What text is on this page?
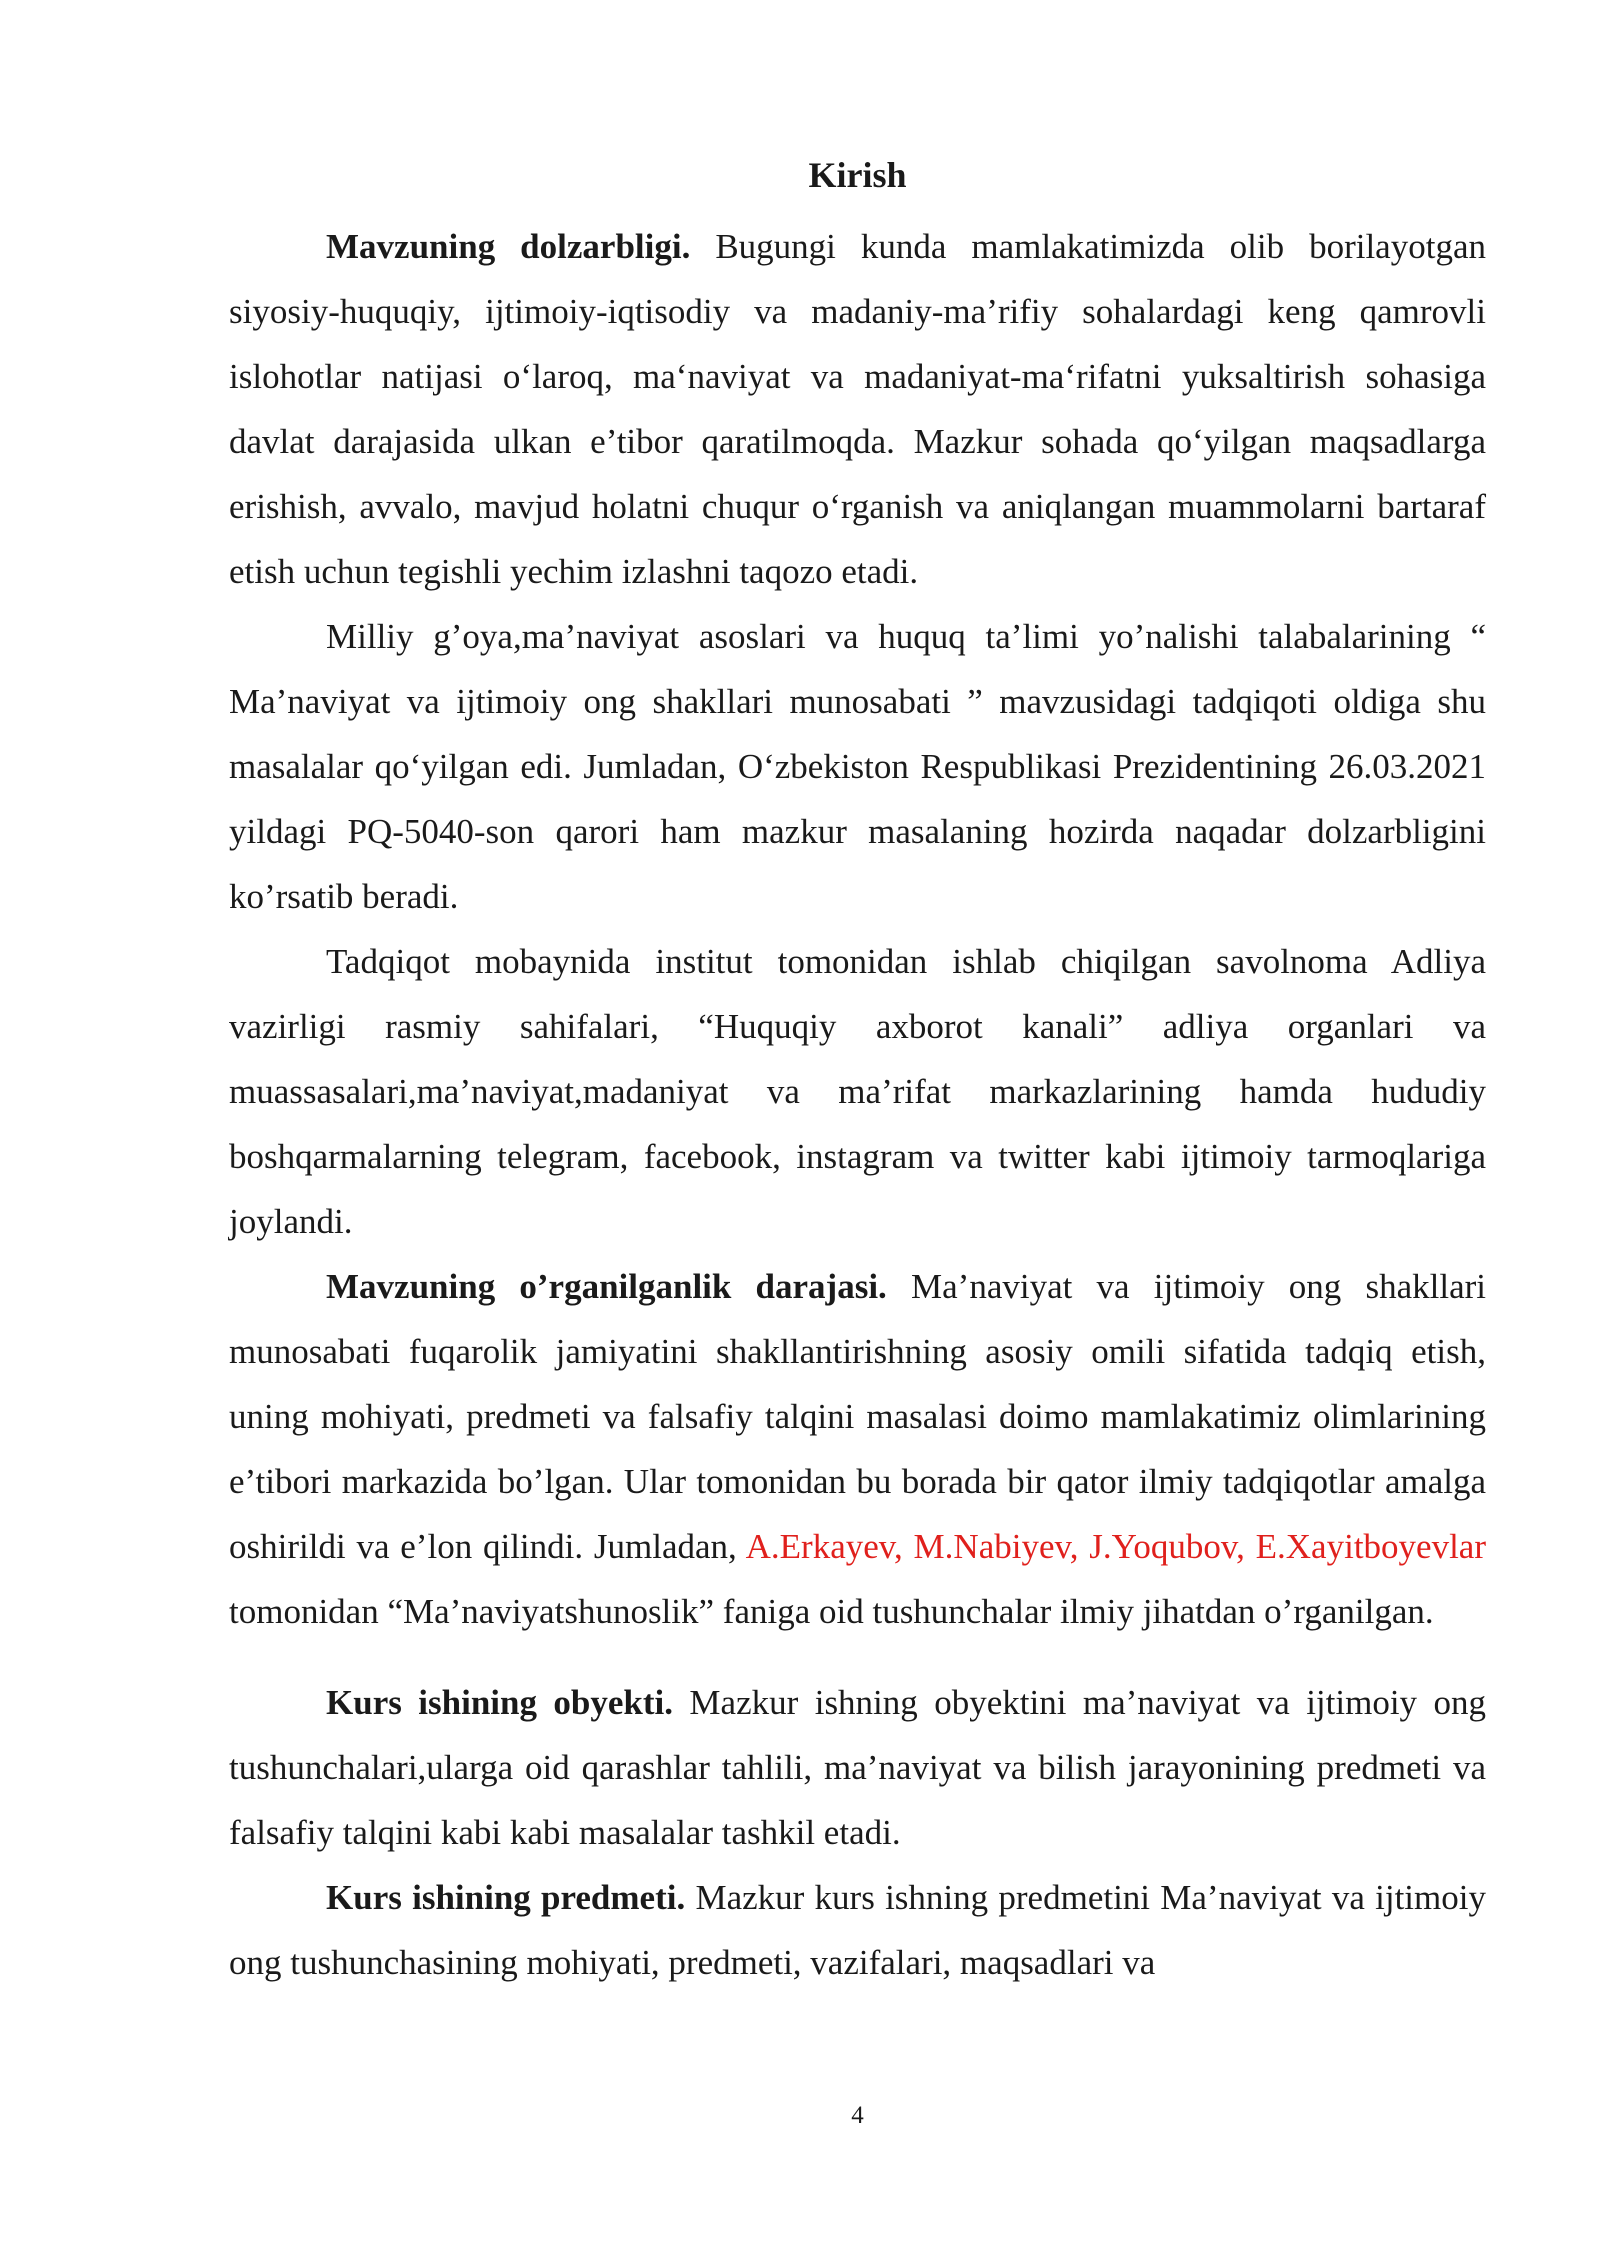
Kirish

Mavzuning dolzarbligi. Bugungi kunda mamlakatimizda olib borilayotgan siyosiy-huquqiy, ijtimoiy-iqtisodiy va madaniy-ma’rifiy sohalardagi keng qamrovli islohotlar natijasi o‘laroq, ma‘naviyat va madaniyat-ma‘rifatni yuksaltirish sohasiga davlat darajasida ulkan e’tibor qaratilmoqda. Mazkur sohada qo‘yilgan maqsadlarga erishish, avvalo, mavjud holatni chuqur o‘rganish va aniqlangan muammolarni bartaraf etish uchun tegishli yechim izlashni taqozo etadi.

Milliy g’oya,ma’naviyat asoslari va huquq ta’limi yo’nalishi talabalarining “ Ma’naviyat va ijtimoiy ong shakllari munosabati ” mavzusidagi tadqiqoti oldiga shu masalalar qo‘yilgan edi. Jumladan, O‘zbekiston Respublikasi Prezidentining 26.03.2021 yildagi PQ-5040-son qarori ham mazkur masalaning hozirda naqadar dolzarbligini ko’rsatib beradi.

Tadqiqot mobaynida institut tomonidan ishlab chiqilgan savolnoma Adliya vazirligi rasmiy sahifalari, “Huquqiy axborot kanali” adliya organlari va muassasalari,ma’naviyat,madaniyat va ma’rifat markazlarining hamda hududiy boshqarmalarning telegram, facebook, instagram va twitter kabi ijtimoiy tarmoqlariga joylandi.

Mavzuning o’rganilganlik darajasi. Ma’naviyat va ijtimoiy ong shakllari munosabati fuqarolik jamiyatini shakllantirishning asosiy omili sifatida tadqiq etish, uning mohiyati, predmeti va falsafiy talqini masalasi doimo mamlakatimiz olimlarining e’tibori markazida bo’lgan. Ular tomonidan bu borada bir qator ilmiy tadqiqotlar amalga oshirildi va e’lon qilindi. Jumladan, A.Erkayev, M.Nabiyev, J.Yoqubov, E.Xayitboyevlar tomonidan “Ma’naviyatshunoslik” faniga oid tushunchalar ilmiy jihatdan o’rganilgan.

Kurs ishining obyekti. Mazkur ishning obyektini ma’naviyat va ijtimoiy ong tushunchalari,ularga oid qarashlar tahlili, ma’naviyat va bilish jarayonining predmeti va falsafiy talqini kabi kabi masalalar tashkil etadi.

Kurs ishining predmeti. Mazkur kurs ishning predmetini Ma’naviyat va ijtimoiy ong tushunchasining mohiyati, predmeti, vazifalari, maqsadlari va

4
